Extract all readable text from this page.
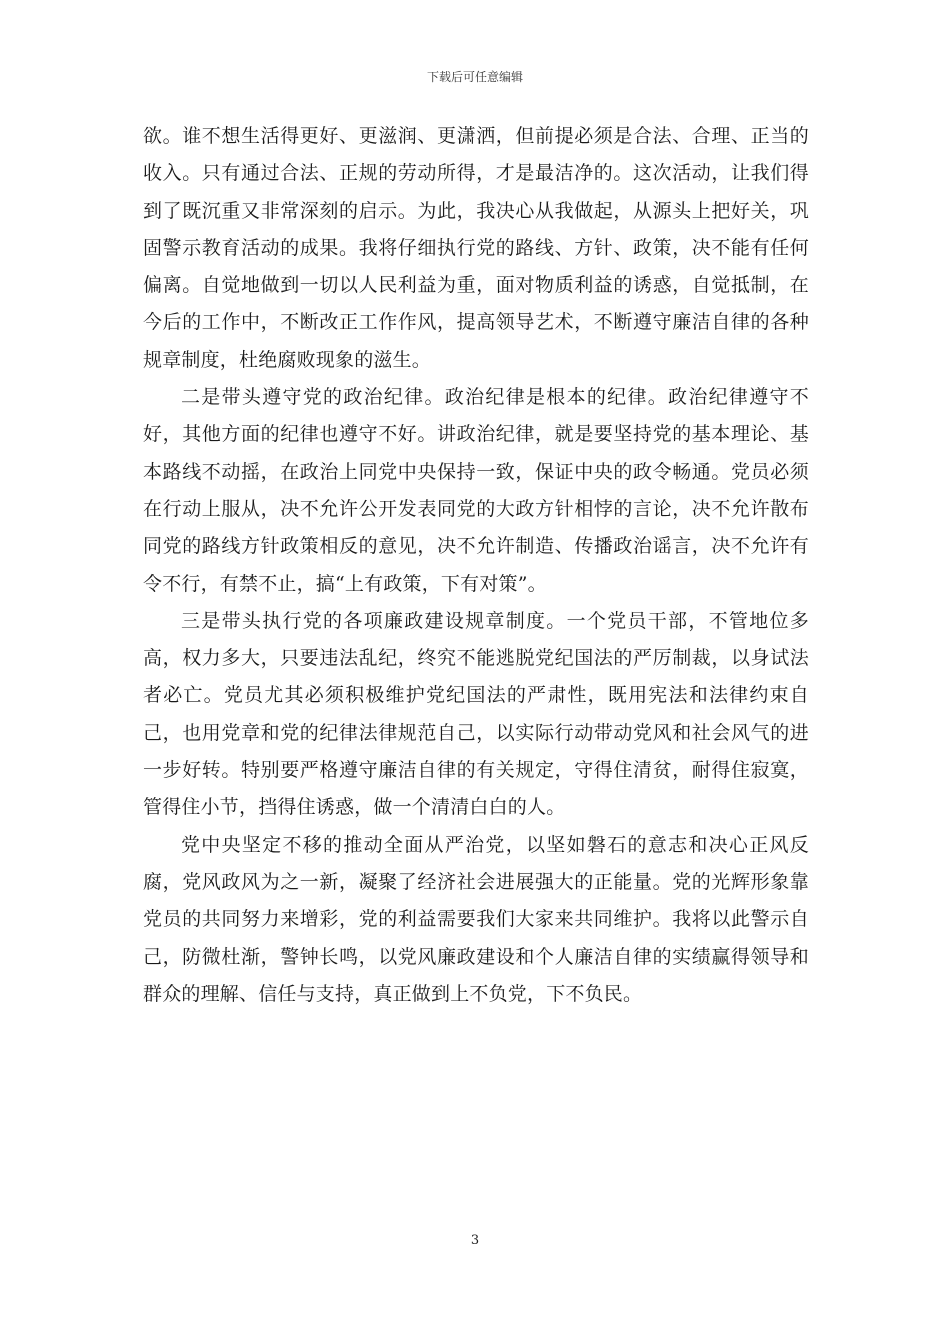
下载后可任意编辑

欲。谁不想生活得更好、更滋润、更潇洒，但前提必须是合法、合理、正当的收入。只有通过合法、正规的劳动所得，才是最洁净的。这次活动，让我们得到了既沉重又非常深刻的启示。为此，我决心从我做起，从源头上把好关，巩固警示教育活动的成果。我将仔细执行党的路线、方针、政策，决不能有任何偏离。自觉地做到一切以人民利益为重，面对物质利益的诱惑，自觉抵制，在今后的工作中，不断改正工作作风，提高领导艺术，不断遵守廉洁自律的各种规章制度，杜绝腐败现象的滋生。

二是带头遵守党的政治纪律。政治纪律是根本的纪律。政治纪律遵守不好，其他方面的纪律也遵守不好。讲政治纪律，就是要坚持党的基本理论、基本路线不动摇，在政治上同党中央保持一致，保证中央的政令畅通。党员必须在行动上服从，决不允许公开发表同党的大政方针相悖的言论，决不允许散布同党的路线方针政策相反的意见，决不允许制造、传播政治谣言，决不允许有令不行，有禁不止，搞“上有政策，下有对策”。

三是带头执行党的各项廉政建设规章制度。一个党员干部，不管地位多高，权力多大，只要违法乱纪，终究不能逃脱党纪国法的严厉制裁，以身试法者必亡。党员尤其必须积极维护党纪国法的严肃性，既用宪法和法律约束自己，也用党章和党的纪律法律规范自己，以实际行动带动党风和社会风气的进一步好转。特别要严格遵守廉洁自律的有关规定，守得住清贫，耐得住寂寞，管得住小节，挡得住诱惑，做一个清清白白的人。

党中央坚定不移的推动全面从严治党，以坚如磐石的意志和决心正风反腐，党风政风为之一新，凝聚了经济社会进展强大的正能量。党的光辉形象靠党员的共同努力来增彩，党的利益需要我们大家来共同维护。我将以此警示自己，防微杜渐，警钟长鸣，以党风廉政建设和个人廉洁自律的实绩赢得领导和群众的理解、信任与支持，真正做到上不负党，下不负民。

3
